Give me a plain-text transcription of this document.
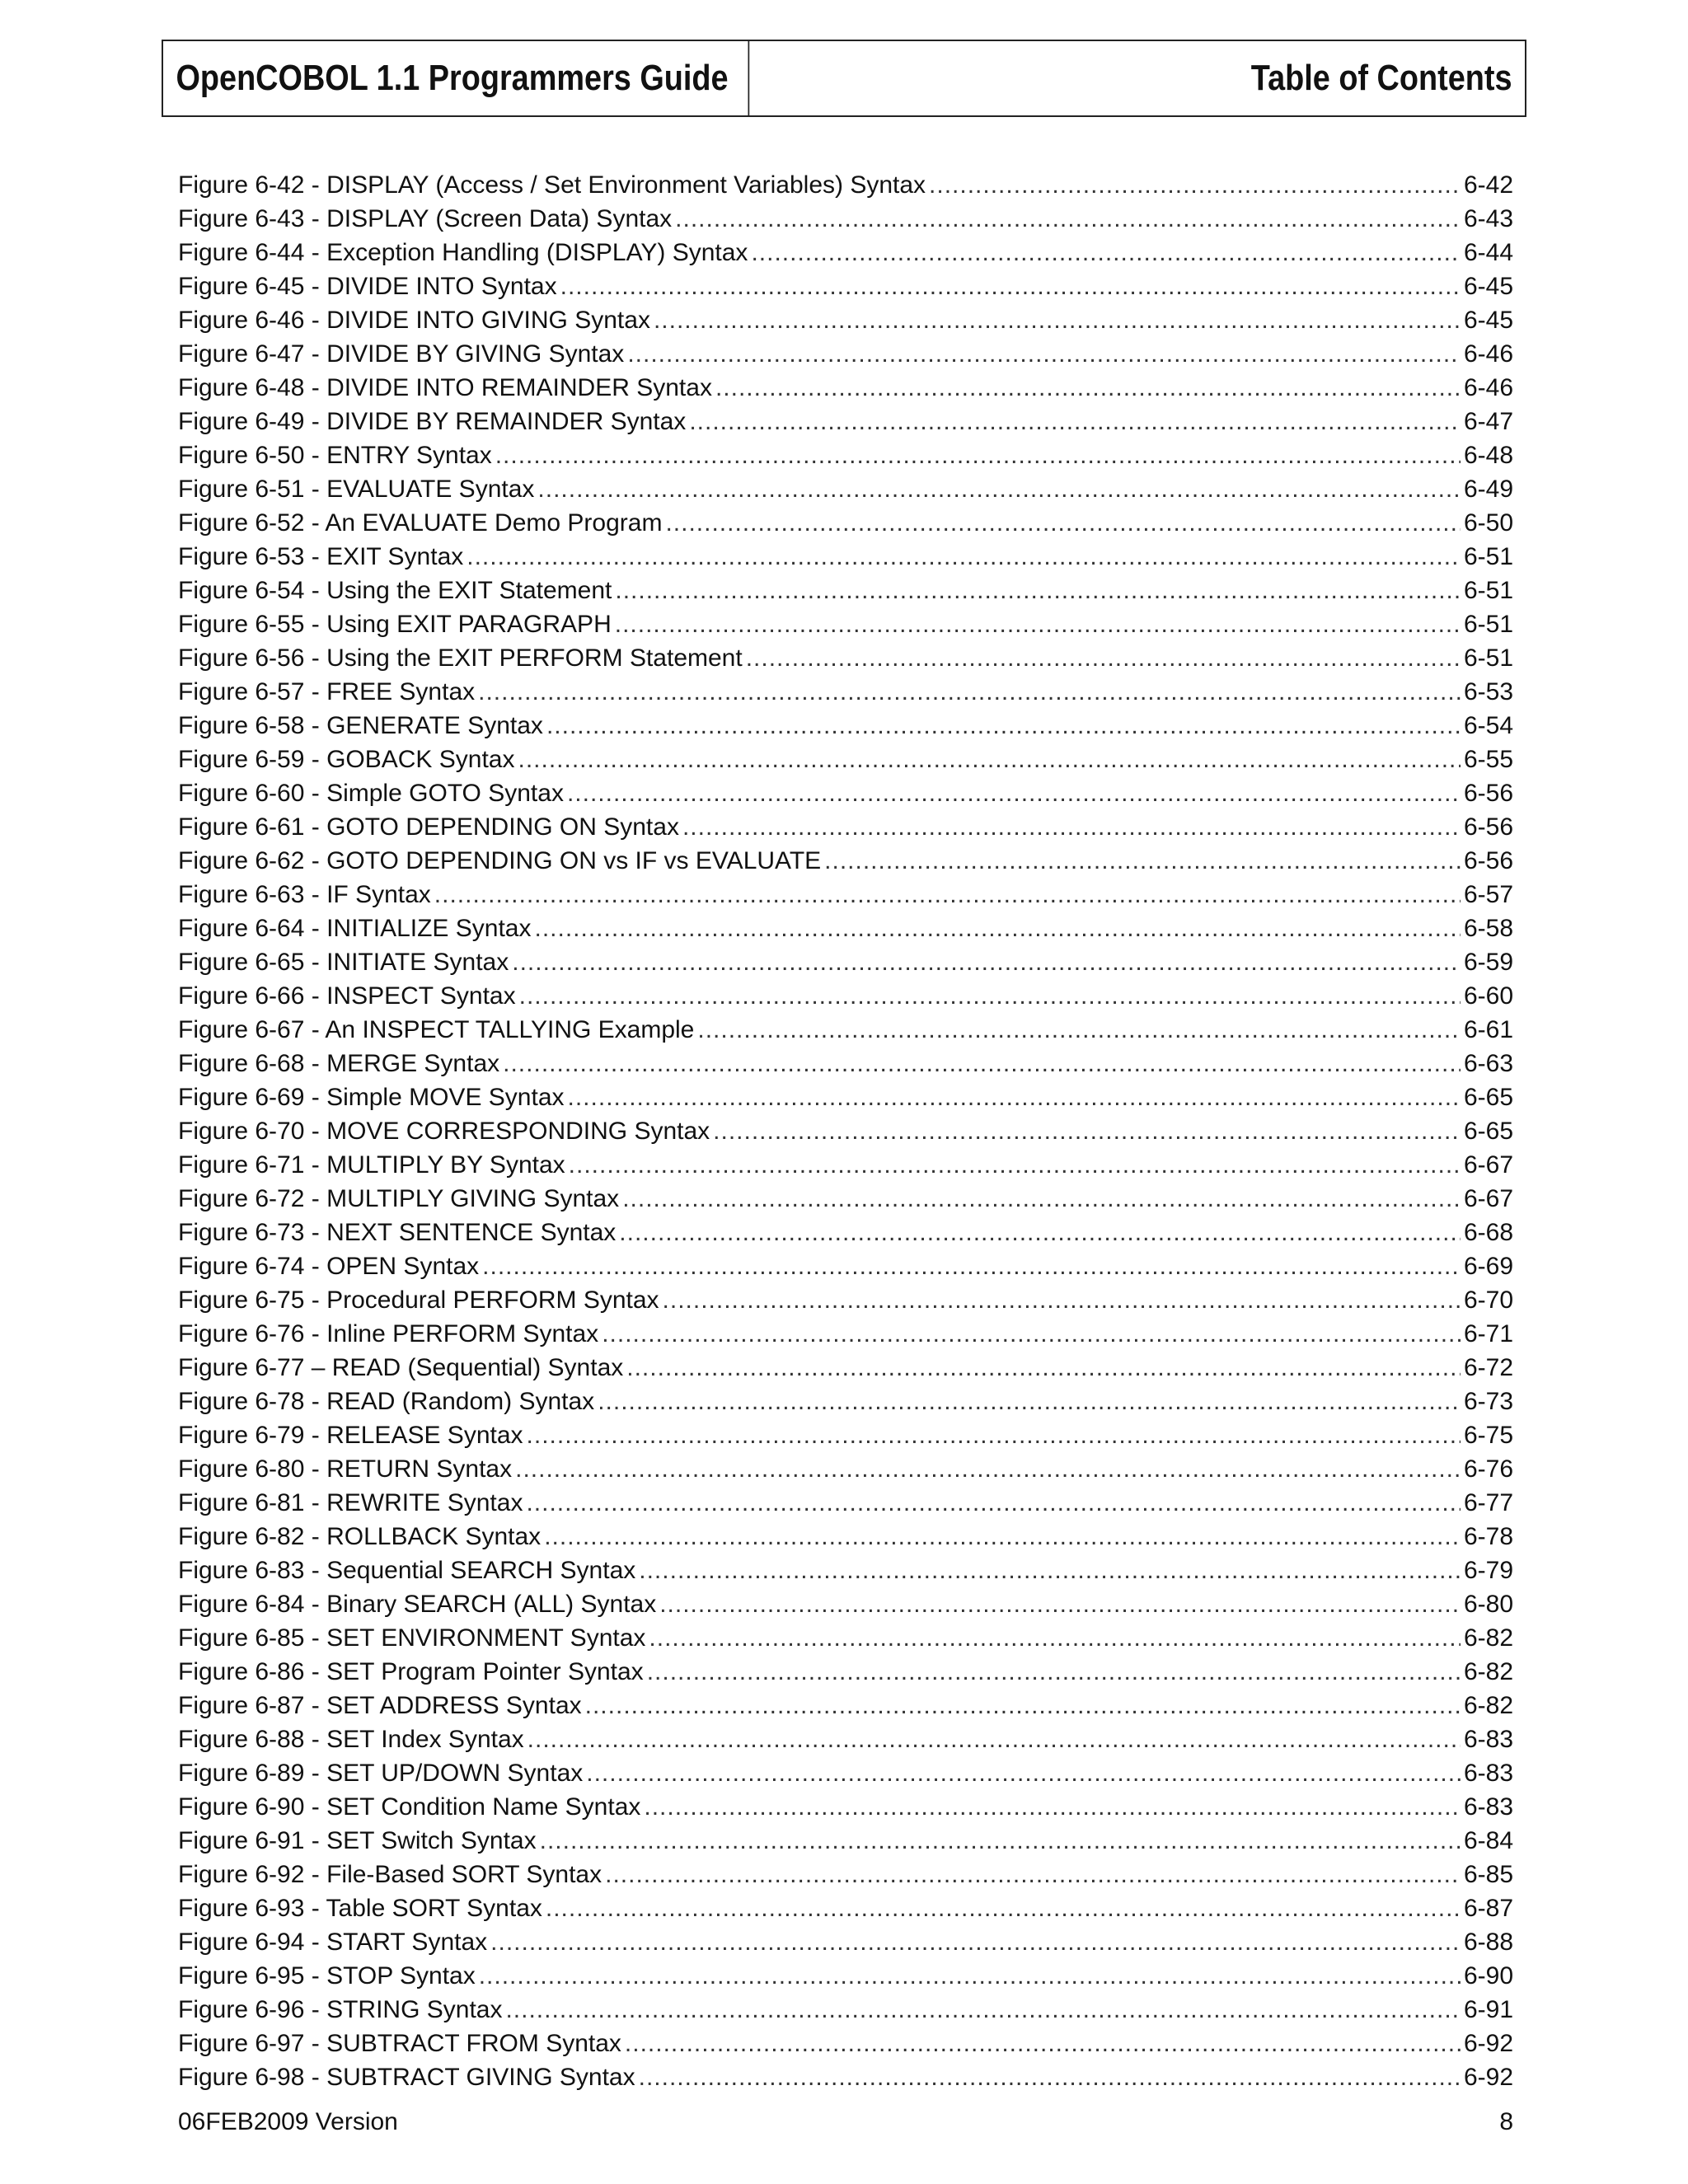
OpenCOBOL 1.1 Programmers Guide	Table of Contents
Figure 6-42 - DISPLAY (Access / Set Environment Variables) Syntax .....	6-42
Figure 6-43 - DISPLAY (Screen Data) Syntax .....	6-43
Figure 6-44 - Exception Handling (DISPLAY) Syntax .....	6-44
Figure 6-45 - DIVIDE INTO Syntax .....	6-45
Figure 6-46 - DIVIDE INTO GIVING Syntax .....	6-45
Figure 6-47 - DIVIDE BY GIVING Syntax .....	6-46
Figure 6-48 - DIVIDE INTO REMAINDER Syntax .....	6-46
Figure 6-49 - DIVIDE BY REMAINDER Syntax .....	6-47
Figure 6-50 - ENTRY Syntax .....	6-48
Figure 6-51 - EVALUATE Syntax .....	6-49
Figure 6-52 - An EVALUATE Demo Program .....	6-50
Figure 6-53 - EXIT Syntax .....	6-51
Figure 6-54 - Using the EXIT Statement .....	6-51
Figure 6-55 - Using EXIT PARAGRAPH .....	6-51
Figure 6-56 - Using the EXIT PERFORM Statement .....	6-51
Figure 6-57 - FREE Syntax .....	6-53
Figure 6-58 - GENERATE Syntax .....	6-54
Figure 6-59 - GOBACK Syntax .....	6-55
Figure 6-60 - Simple GOTO Syntax .....	6-56
Figure 6-61 - GOTO DEPENDING ON Syntax .....	6-56
Figure 6-62 - GOTO DEPENDING ON vs IF vs EVALUATE .....	6-56
Figure 6-63 - IF Syntax .....	6-57
Figure 6-64 - INITIALIZE Syntax .....	6-58
Figure 6-65 - INITIATE Syntax .....	6-59
Figure 6-66 - INSPECT Syntax .....	6-60
Figure 6-67 - An INSPECT TALLYING Example .....	6-61
Figure 6-68 - MERGE Syntax .....	6-63
Figure 6-69 - Simple MOVE Syntax .....	6-65
Figure 6-70 - MOVE CORRESPONDING Syntax .....	6-65
Figure 6-71 - MULTIPLY BY Syntax .....	6-67
Figure 6-72 - MULTIPLY GIVING Syntax .....	6-67
Figure 6-73 - NEXT SENTENCE Syntax .....	6-68
Figure 6-74 - OPEN Syntax .....	6-69
Figure 6-75 - Procedural PERFORM Syntax .....	6-70
Figure 6-76 - Inline PERFORM Syntax .....	6-71
Figure 6-77 – READ (Sequential) Syntax .....	6-72
Figure 6-78 - READ (Random) Syntax .....	6-73
Figure 6-79 - RELEASE Syntax .....	6-75
Figure 6-80 - RETURN Syntax .....	6-76
Figure 6-81 - REWRITE Syntax .....	6-77
Figure 6-82 - ROLLBACK Syntax .....	6-78
Figure 6-83 - Sequential SEARCH Syntax .....	6-79
Figure 6-84 - Binary SEARCH (ALL) Syntax .....	6-80
Figure 6-85 - SET ENVIRONMENT Syntax .....	6-82
Figure 6-86 - SET Program Pointer Syntax .....	6-82
Figure 6-87 - SET ADDRESS Syntax .....	6-82
Figure 6-88 - SET Index Syntax .....	6-83
Figure 6-89 - SET UP/DOWN Syntax .....	6-83
Figure 6-90 - SET Condition Name Syntax .....	6-83
Figure 6-91 - SET Switch Syntax .....	6-84
Figure 6-92 - File-Based SORT Syntax .....	6-85
Figure 6-93 - Table SORT Syntax .....	6-87
Figure 6-94 - START Syntax .....	6-88
Figure 6-95 - STOP Syntax .....	6-90
Figure 6-96 - STRING Syntax .....	6-91
Figure 6-97 - SUBTRACT FROM Syntax .....	6-92
Figure 6-98 - SUBTRACT GIVING Syntax .....	6-92
06FEB2009 Version	8
